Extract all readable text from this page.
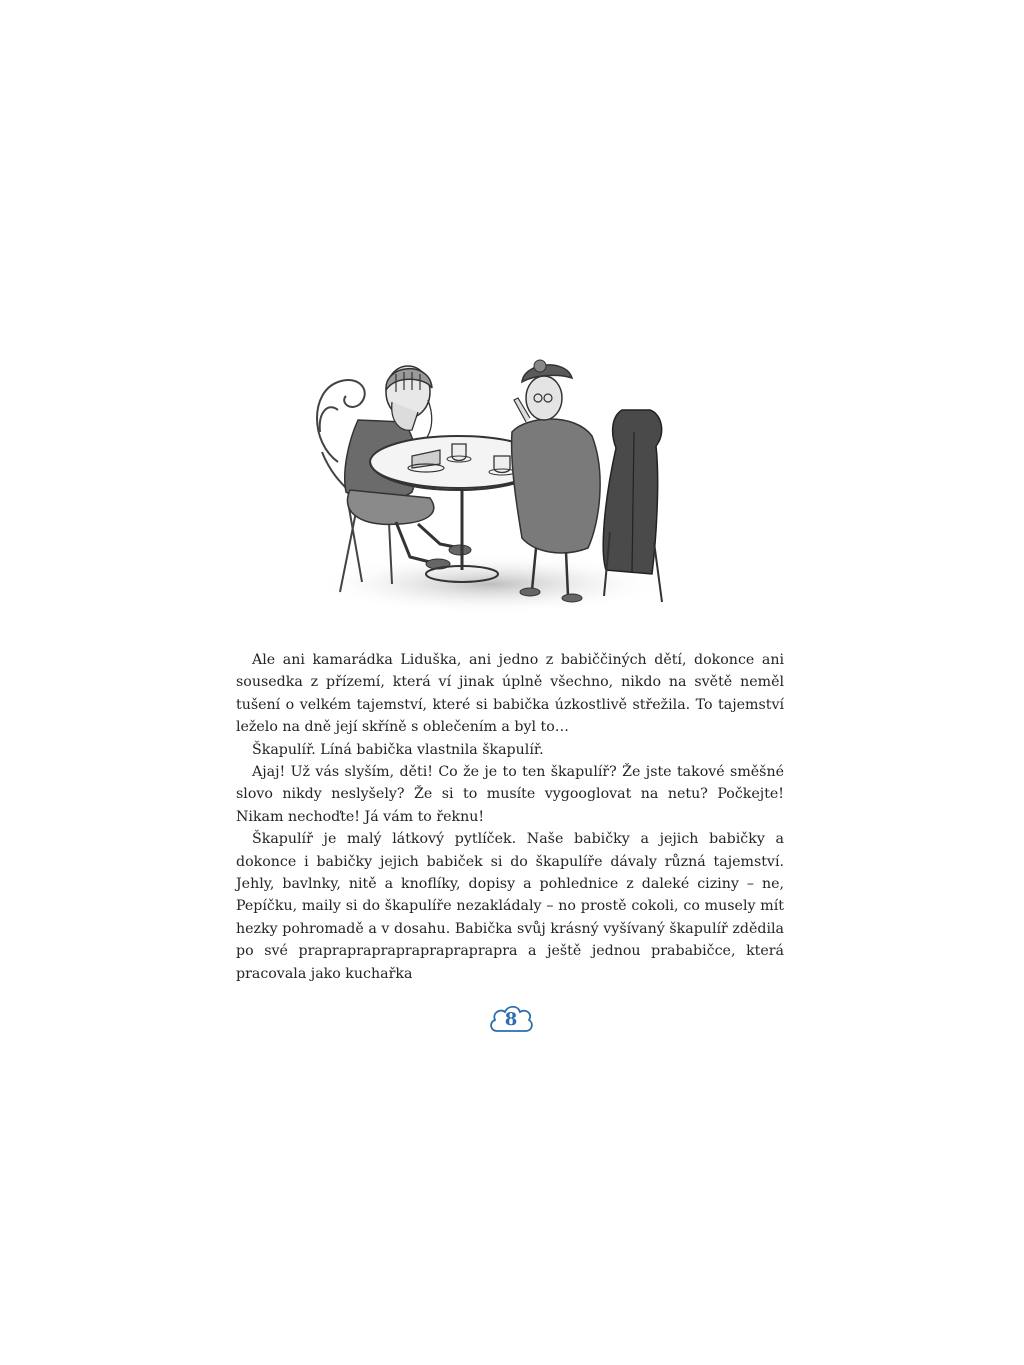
Ale ani kamarádka Liduška, ani jedno z babiččiných dětí, dokonce ani sousedka z přízemí, která ví jinak úplně všechno, nikdo na světě neměl tušení o velkém tajemství, které si babička úzkostlivě střežila. To tajemství leželo na dně její skříně s oblečením a byl to…

Škapulíř. Líná babička vlastnila škapulíř.

Ajaj! Už vás slyším, děti! Co že je to ten škapulíř? Že jste takové směšné slovo nikdy neslyšely? Že si to musíte vygooglovat na netu? Počkejte! Nikam nechoďte! Já vám to řeknu!

Škapulíř je malý látkový pytlíček. Naše babičky a jejich babičky a dokonce i babičky jejich babiček si do škapulíře dávaly různá tajemství. Jehly, bavlnky, nitě a knoflíky, dopisy a pohlednice z daleké ciziny – ne, Pepíčku, maily si do škapulíře nezakládaly – no prostě cokoli, co musely mít hezky pohromadě a v dosahu. Babička svůj krásný vyšívaný škapulíř zdědila po své praprapraprapraprapraprapra a ještě jednou prababičce, která pracovala jako kuchařka

8
